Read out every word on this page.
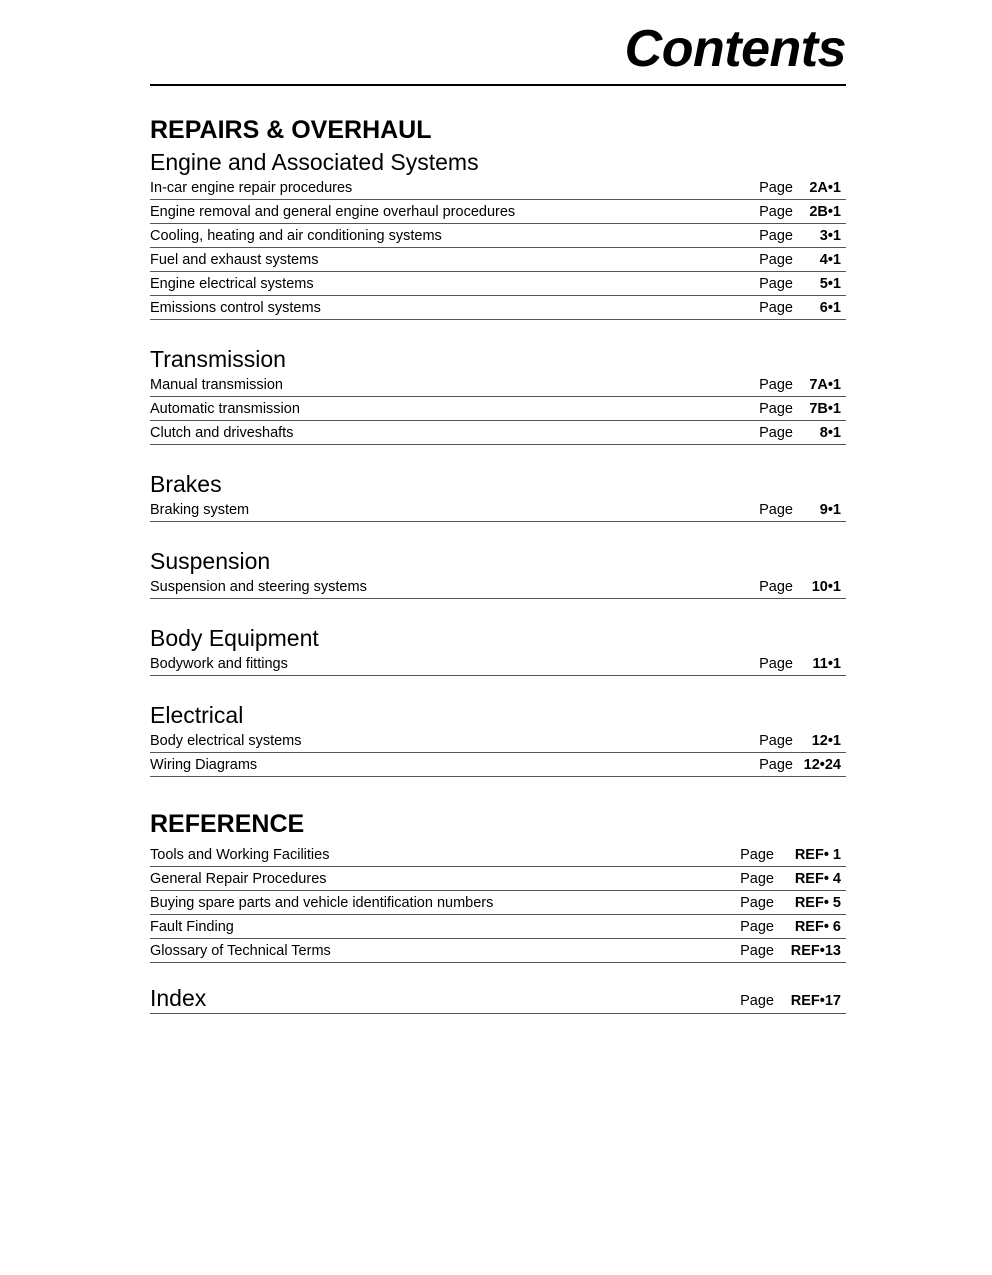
Contents
REPAIRS & OVERHAUL
Engine and Associated Systems
In-car engine repair procedures	Page 2A•1
Engine removal and general engine overhaul procedures	Page 2B•1
Cooling, heating and air conditioning systems	Page 3•1
Fuel and exhaust systems	Page 4•1
Engine electrical systems	Page 5•1
Emissions control systems	Page 6•1
Transmission
Manual transmission	Page 7A•1
Automatic transmission	Page 7B•1
Clutch and driveshafts	Page 8•1
Brakes
Braking system	Page 9•1
Suspension
Suspension and steering systems	Page 10•1
Body Equipment
Bodywork and fittings	Page 11•1
Electrical
Body electrical systems	Page 12•1
Wiring Diagrams	Page 12•24
REFERENCE
Tools and Working Facilities	Page REF• 1
General Repair Procedures	Page REF• 4
Buying spare parts and vehicle identification numbers	Page REF• 5
Fault Finding	Page REF• 6
Glossary of Technical Terms	Page REF•13
Index	Page REF•17
